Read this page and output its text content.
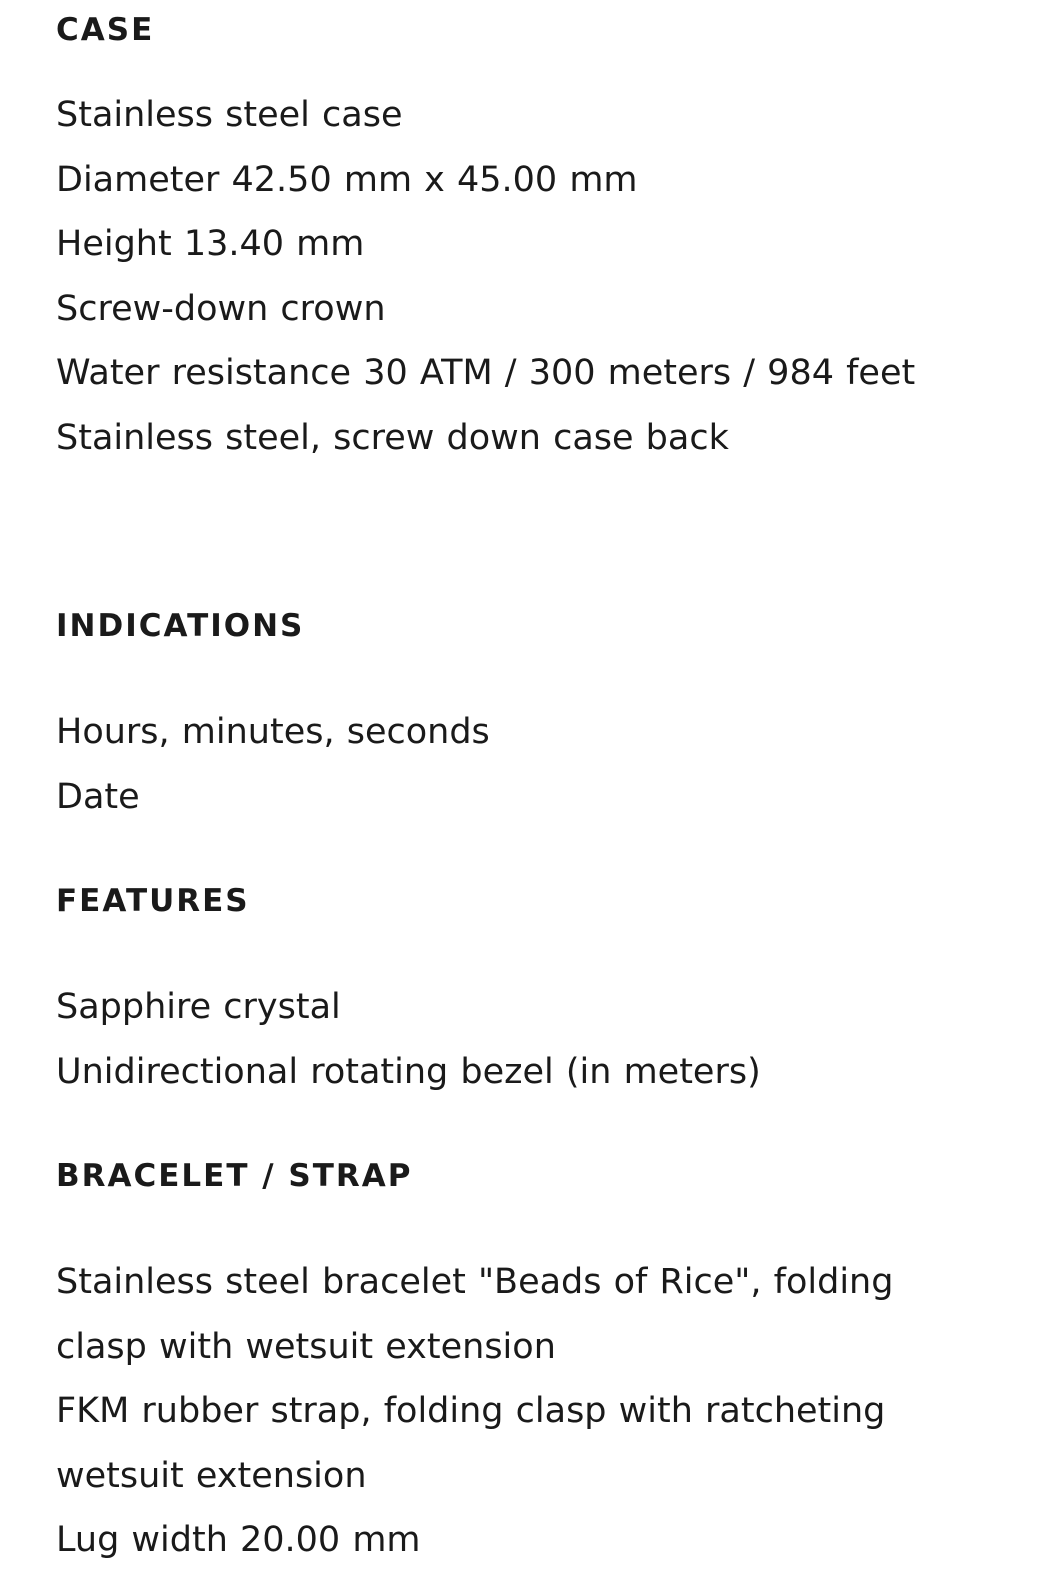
CASE
Stainless steel case
Diameter 42.50 mm x 45.00 mm
Height 13.40 mm
Screw-down crown
Water resistance 30 ATM / 300 meters / 984 feet
Stainless steel, screw down case back
INDICATIONS
Hours, minutes, seconds
Date
FEATURES
Sapphire crystal
Unidirectional rotating bezel (in meters)
BRACELET / STRAP
Stainless steel bracelet "Beads of Rice", folding clasp with wetsuit extension
FKM rubber strap, folding clasp with ratcheting wetsuit extension
Lug width 20.00 mm
